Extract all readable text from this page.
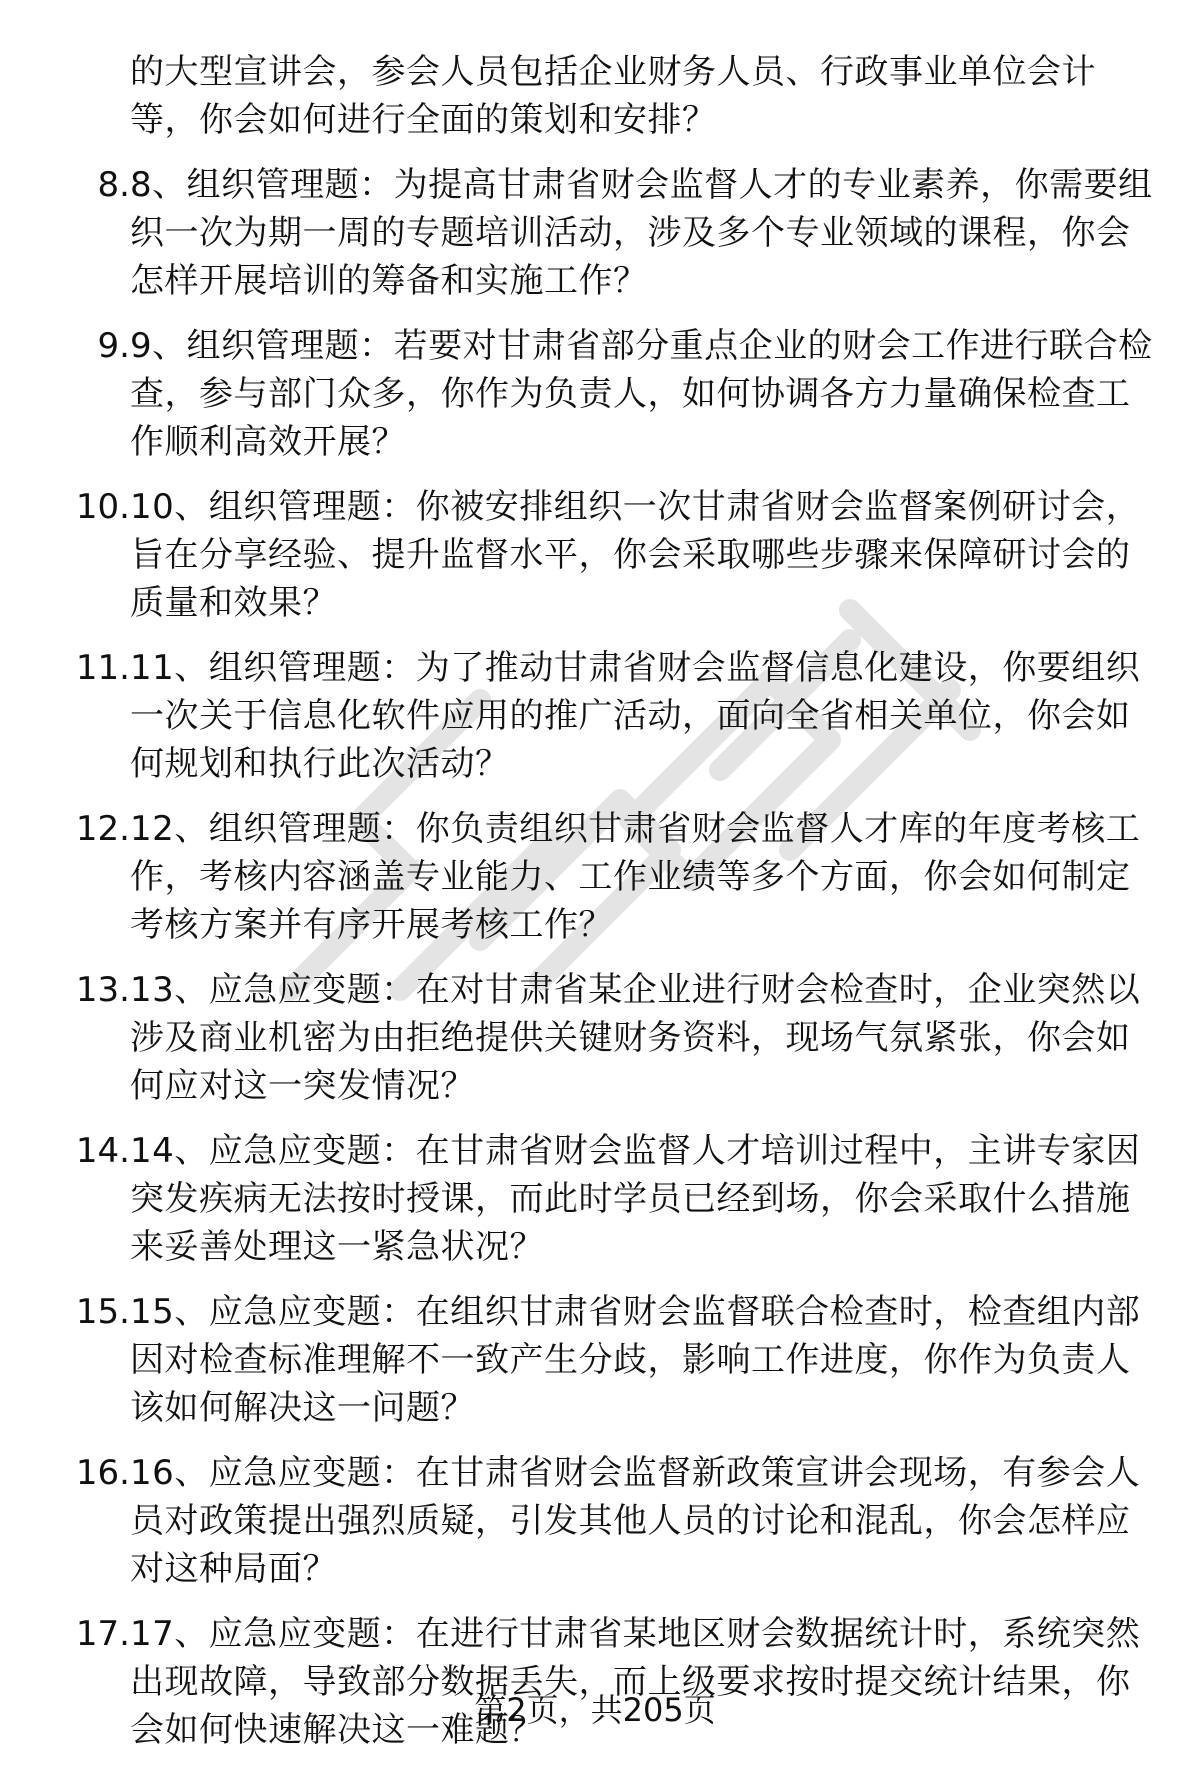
的大型宣讲会，参会人员包括企业财务人员、行政事业单位会计等，你会如何进行全面的策划和安排？
8. 8、组织管理题：为提高甘肃省财会监督人才的专业素养，你需要组织一次为期一周的专题培训活动，涉及多个专业领域的课程，你会怎样开展培训的筹备和实施工作？
9. 9、组织管理题：若要对甘肃省部分重点企业的财会工作进行联合检查，参与部门众多，你作为负责人，如何协调各方力量确保检查工作顺利高效开展？
10. 10、组织管理题：你被安排组织一次甘肃省财会监督案例研讨会，旨在分享经验、提升监督水平，你会采取哪些步骤来保障研讨会的质量和效果？
11. 11、组织管理题：为了推动甘肃省财会监督信息化建设，你要组织一次关于信息化软件应用的推广活动，面向全省相关单位，你会如何规划和执行此次活动？
12. 12、组织管理题：你负责组织甘肃省财会监督人才库的年度考核工作，考核内容涵盖专业能力、工作业绩等多个方面，你会如何制定考核方案并有序开展考核工作？
13. 13、应急应变题：在对甘肃省某企业进行财会检查时，企业突然以涉及商业机密为由拒绝提供关键财务资料，现场气氛紧张，你会如何应对这一突发情况？
14. 14、应急应变题：在甘肃省财会监督人才培训过程中，主讲专家因突发疾病无法按时授课，而此时学员已经到场，你会采取什么措施来妥善处理这一紧急状况？
15. 15、应急应变题：在组织甘肃省财会监督联合检查时，检查组内部因对检查标准理解不一致产生分歧，影响工作进度，你作为负责人该如何解决这一问题？
16. 16、应急应变题：在甘肃省财会监督新政策宣讲会现场，有参会人员对政策提出强烈质疑，引发其他人员的讨论和混乱，你会怎样应对这种局面？
17. 17、应急应变题：在进行甘肃省某地区财会数据统计时，系统突然出现故障，导致部分数据丢失，而上级要求按时提交统计结果，你会如何快速解决这一难题？
第2页，共205页
